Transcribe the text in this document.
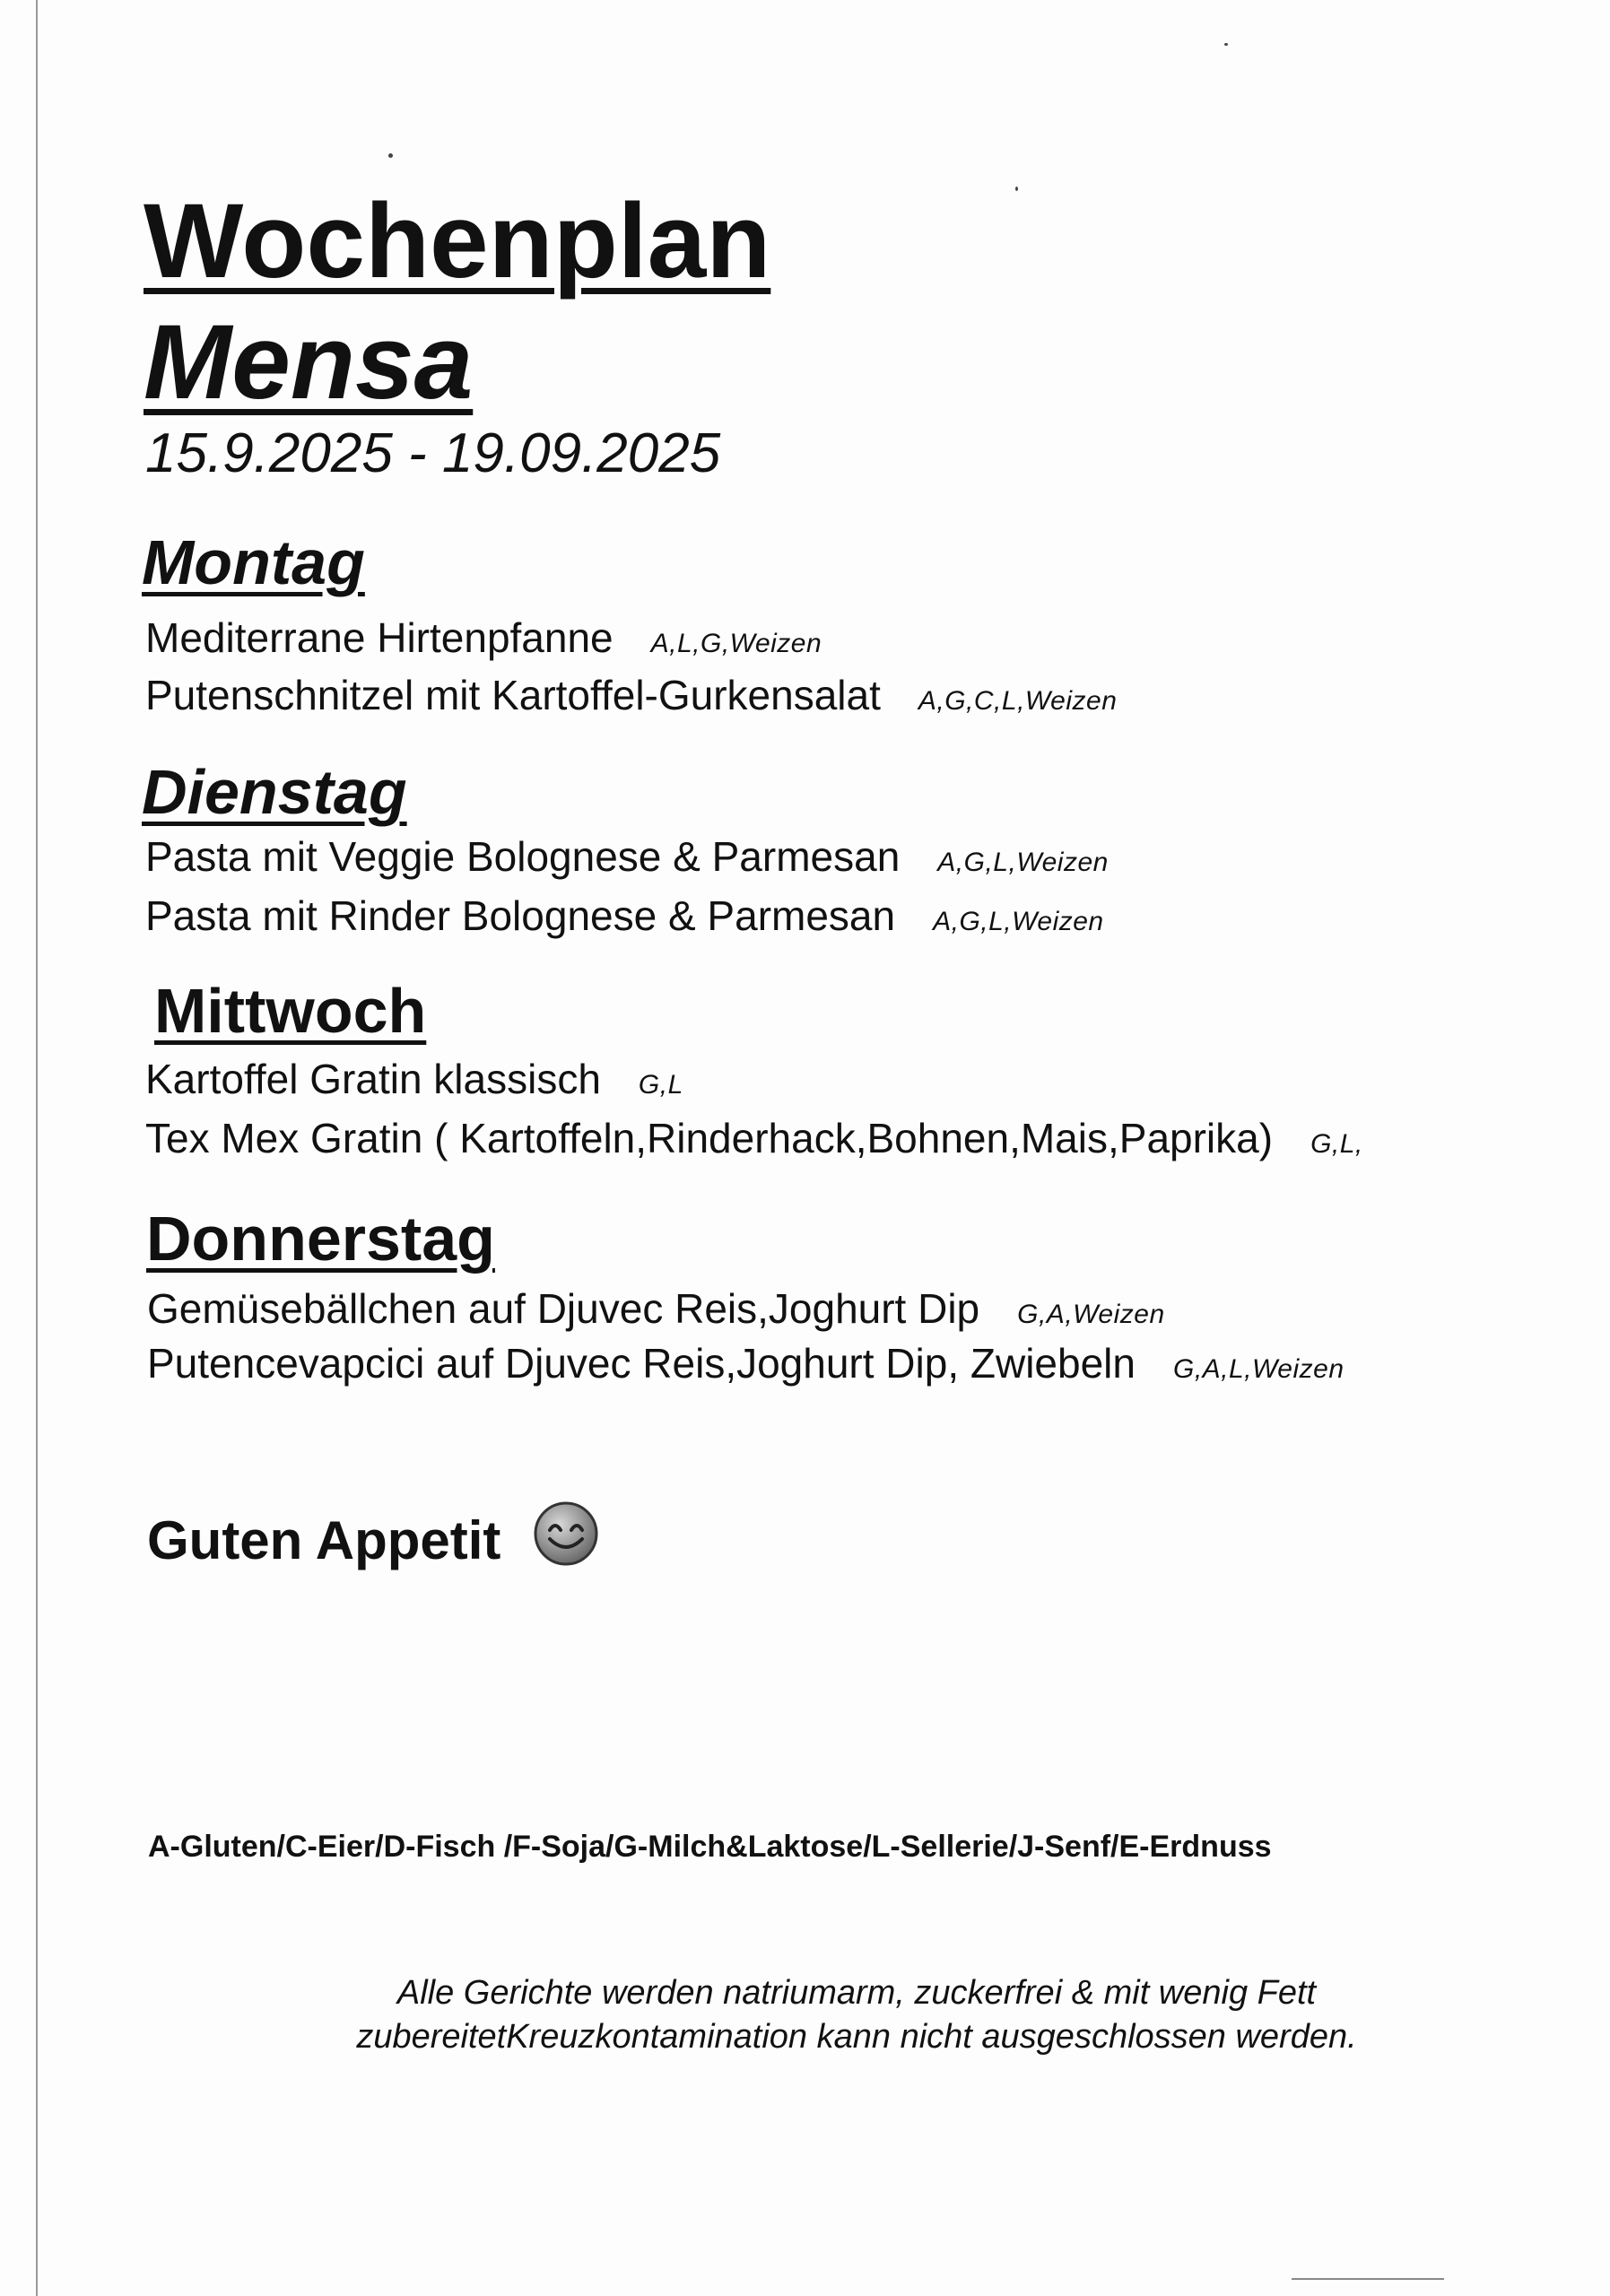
Wochenplan
Mensa
15.9.2025 - 19.09.2025
Montag
Mediterrane Hirtenpfanne A,L,G,Weizen
Putenschnitzel mit Kartoffel-Gurkensalat A,G,C,L,Weizen
Dienstag
Pasta mit Veggie Bolognese & Parmesan A,G,L,Weizen
Pasta mit Rinder Bolognese & Parmesan A,G,L,Weizen
Mittwoch
Kartoffel Gratin klassisch G,L
Tex Mex Gratin ( Kartoffeln,Rinderhack,Bohnen,Mais,Paprika) G,L,
Donnerstag
Gemüsebällchen auf Djuvec Reis,Joghurt Dip G,A,Weizen
Putencevapcici auf Djuvec Reis,Joghurt Dip, Zwiebeln G,A,L,Weizen
Guten Appetit
A-Gluten/C-Eier/D-Fisch /F-Soja/G-Milch&Laktose/L-Sellerie/J-Senf/E-Erdnuss
Alle Gerichte werden natriumarm, zuckerfrei & mit wenig Fett
zubereitetKreuzkontamination kann nicht ausgeschlossen werden.
